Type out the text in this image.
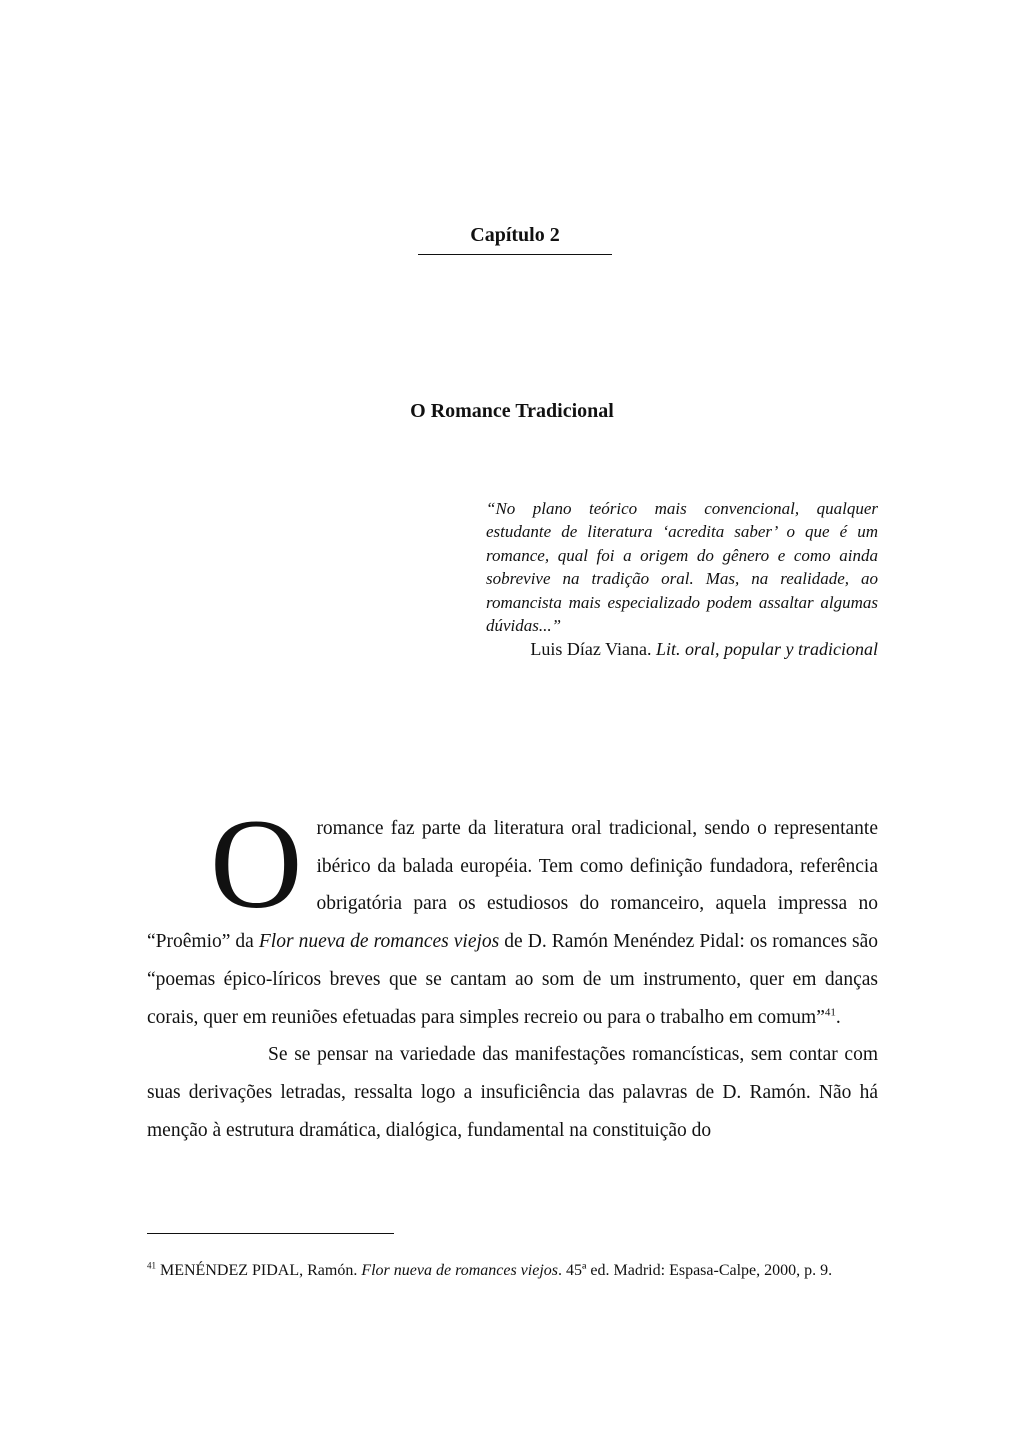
Capítulo 2
O Romance Tradicional
“No plano teórico mais convencional, qualquer estudante de literatura ‘acredita saber’ o que é um romance, qual foi a origem do gênero e como ainda sobrevive na tradição oral. Mas, na realidade, ao romancista mais especializado podem assaltar algumas dúvidas...”
Luis Díaz Viana. Lit. oral, popular y tradicional

Oromance faz parte da literatura oral tradicional, sendo o representante ibérico da balada européia. Tem como definição fundadora, referência obrigatória para os estudiosos do romanceiro, aquela impressa no “Proêmio” da Flor nueva de romances viejos de D. Ramón Menéndez Pidal: os romances são “poemas épico-líricos breves que se cantam ao som de um instrumento, quer em danças corais, quer em reuniões efetuadas para simples recreio ou para o trabalho em comum”$^{41}$.

Se se pensar na variedade das manifestações romancísticas, sem contar com suas derivações letradas, ressalta logo a insuficiência das palavras de D. Ramón. Não há menção à estrutura dramática, dialógica, fundamental na constituição do

$^{41}$ MENÉNDEZ PIDAL, Ramón. Flor nueva de romances viejos. 45ª ed. Madrid: Espasa-Calpe, 2000, p. 9.
